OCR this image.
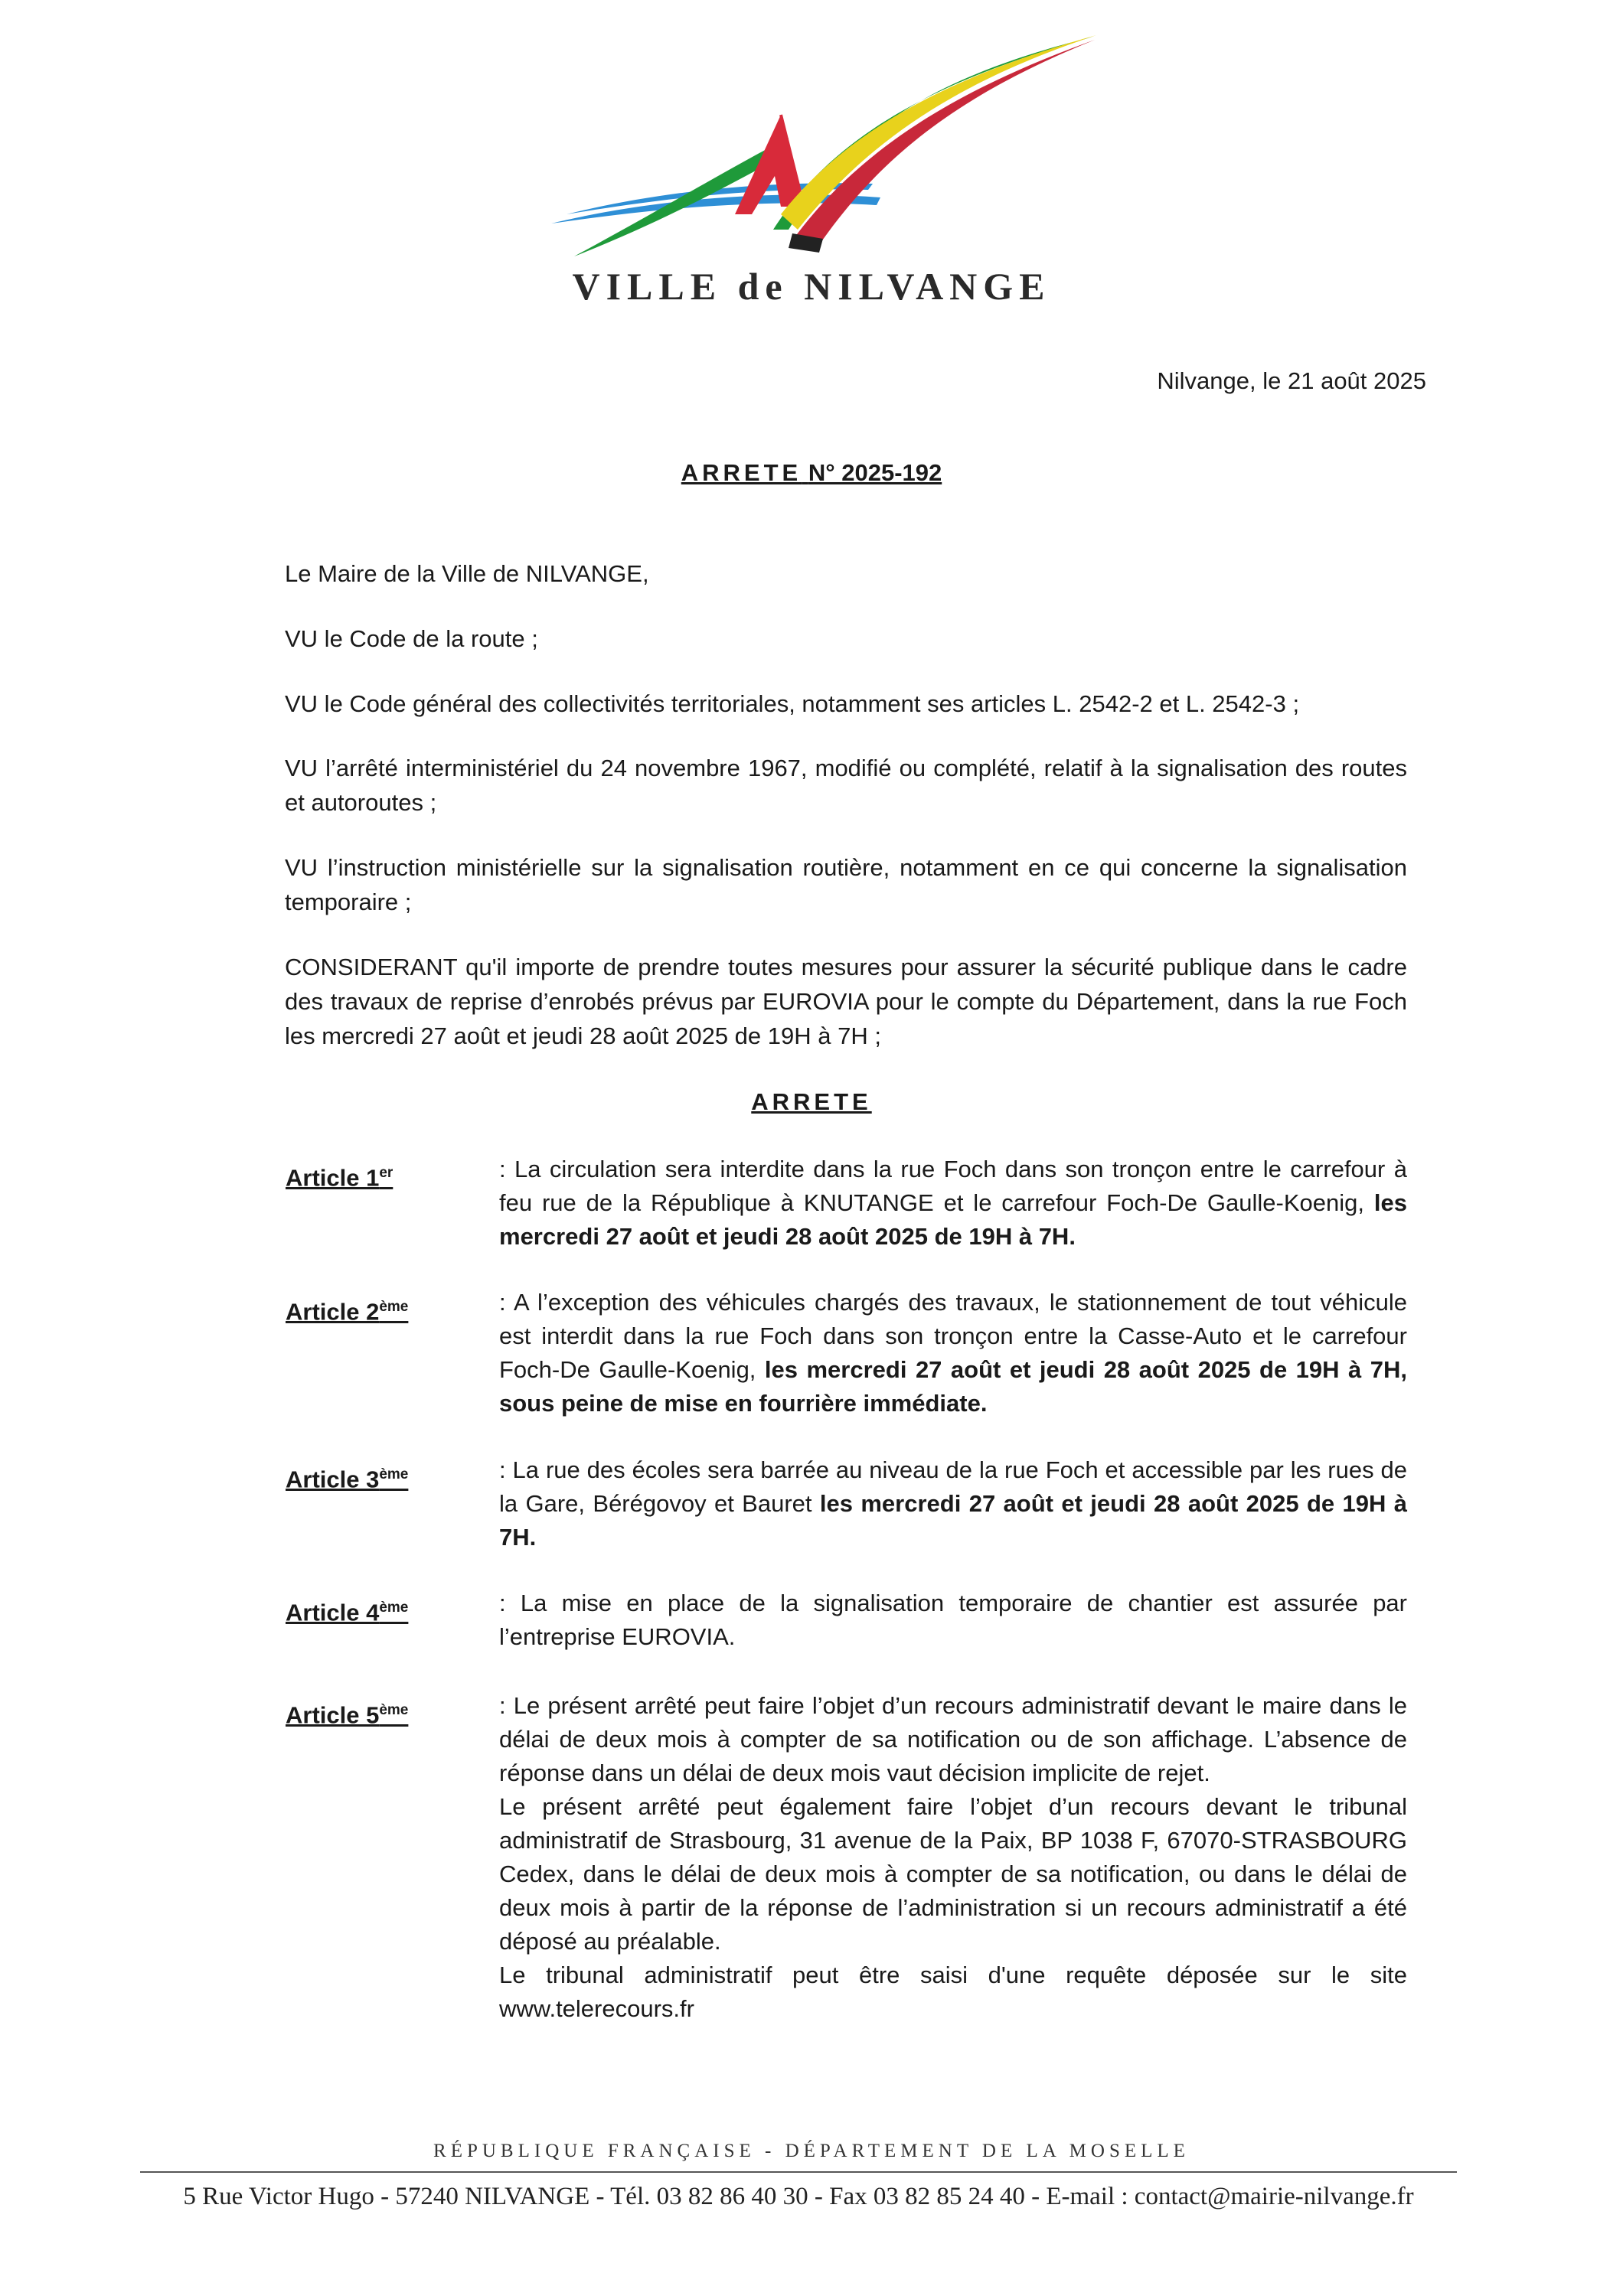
VILLE de NILVANGE
Nilvange, le 21 août 2025
ARRETE N° 2025-192
Le Maire de la Ville de NILVANGE,
VU le Code de la route ;
VU le Code général des collectivités territoriales, notamment ses articles L. 2542-2 et L. 2542-3 ;
VU l’arrêté interministériel du 24 novembre 1967, modifié ou complété, relatif à la signalisation des routes et autoroutes ;
VU l’instruction ministérielle sur la signalisation routière, notamment en ce qui concerne la signalisation temporaire ;
CONSIDERANT qu'il importe de prendre toutes mesures pour assurer la sécurité publique dans le cadre des travaux de reprise d’enrobés prévus par EUROVIA pour le compte du Département, dans la rue Foch les mercredi 27 août et jeudi 28 août 2025 de 19H à 7H ;
ARRETE
Article 1er	: La circulation sera interdite dans la rue Foch dans son tronçon entre le carrefour à feu rue de la République à KNUTANGE et le carrefour Foch-De Gaulle-Koenig, les mercredi 27 août et jeudi 28 août 2025 de 19H à 7H.

Article 2ème	: A l’exception des véhicules chargés des travaux, le stationnement de tout véhicule est interdit dans la rue Foch dans son tronçon entre la Casse-Auto et le carrefour Foch-De Gaulle-Koenig, les mercredi 27 août et jeudi 28 août 2025 de 19H à 7H, sous peine de mise en fourrière immédiate.

Article 3ème	: La rue des écoles sera barrée au niveau de la rue Foch et accessible par les rues de la Gare, Bérégovoy et Bauret les mercredi 27 août et jeudi 28 août 2025 de 19H à 7H.

Article 4ème	: La mise en place de la signalisation temporaire de chantier est assurée par l’entreprise EUROVIA.

Article 5ème	: Le présent arrêté peut faire l’objet d’un recours administratif devant le maire dans le délai de deux mois à compter de sa notification ou de son affichage. L’absence de réponse dans un délai de deux mois vaut décision implicite de rejet.

Le présent arrêté peut également faire l’objet d’un recours devant le tribunal administratif de Strasbourg, 31 avenue de la Paix, BP 1038 F, 67070-STRASBOURG Cedex, dans le délai de deux mois à compter de sa notification, ou dans le délai de deux mois à partir de la réponse de l’administration si un recours administratif a été déposé au préalable.

Le tribunal administratif peut être saisi d'une requête déposée sur le site www.telerecours.fr

RÉPUBLIQUE FRANÇAISE - DÉPARTEMENT DE LA MOSELLE
5 Rue Victor Hugo - 57240 NILVANGE - Tél. 03 82 86 40 30 - Fax 03 82 85 24 40 - E-mail : contact@mairie-nilvange.fr
